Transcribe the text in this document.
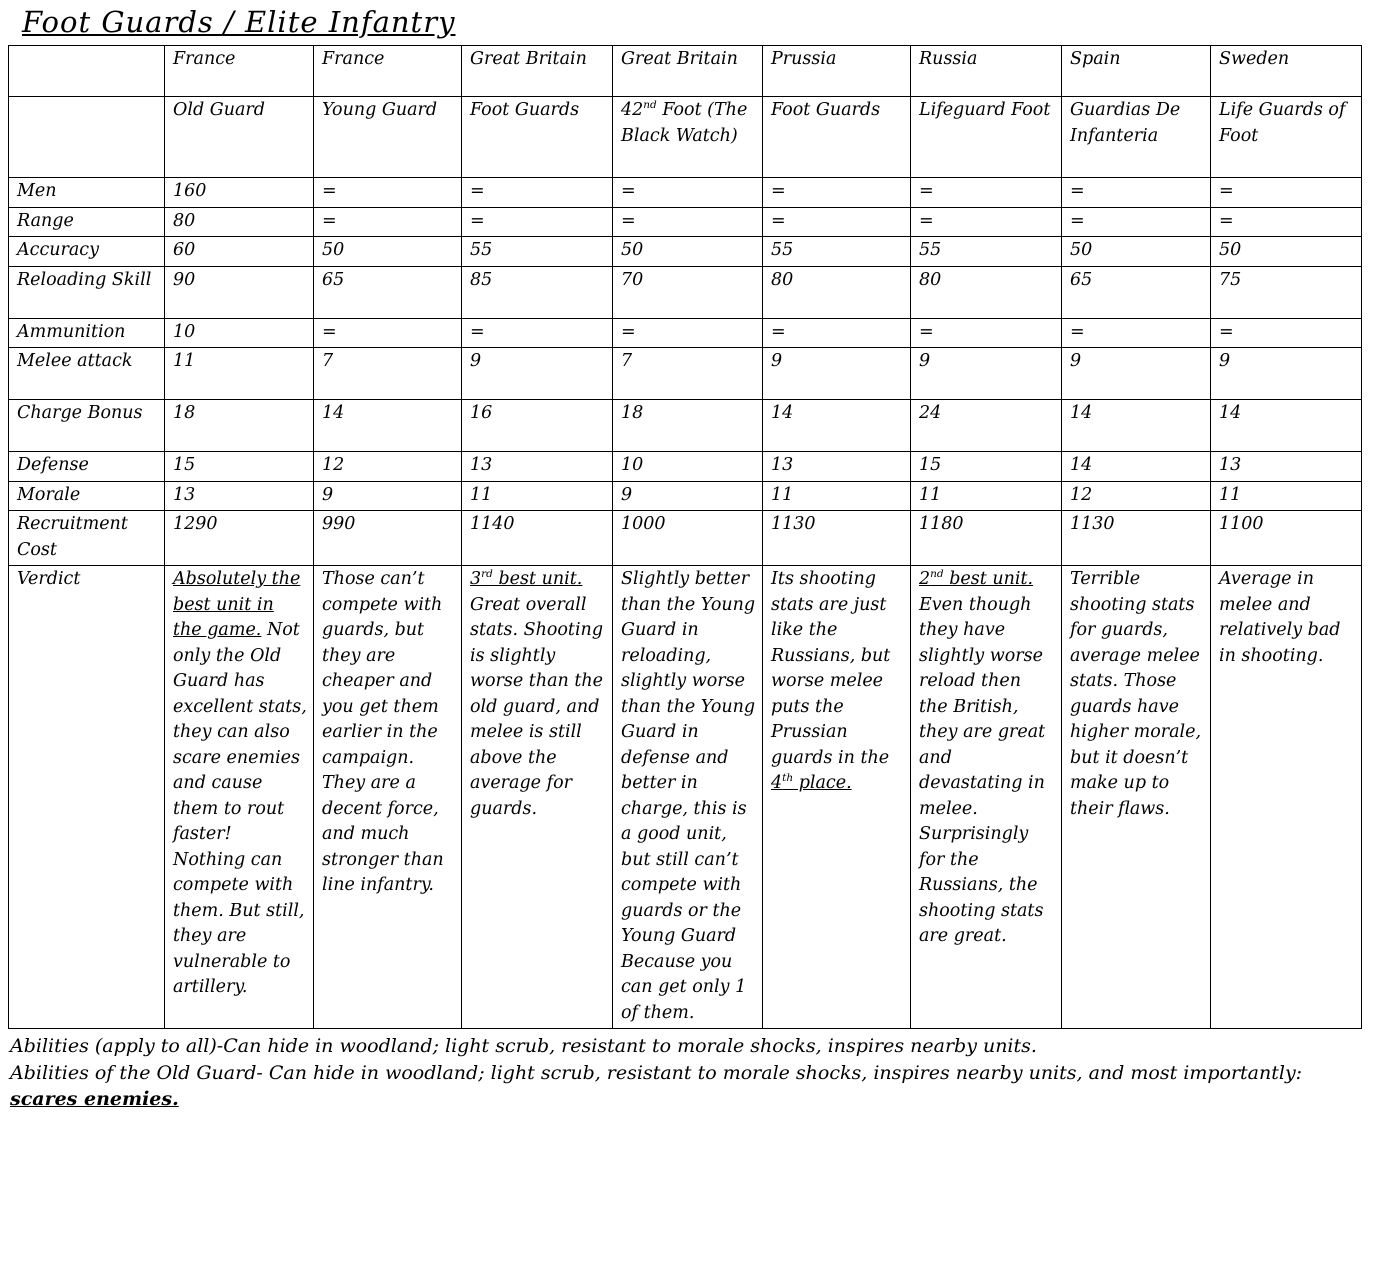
Foot Guards / Elite Infantry
	France	France	Great Britain	Great Britain	Prussia	Russia	Spain	Sweden
	Old Guard	Young Guard	Foot Guards	42nd Foot (The Black Watch)	Foot Guards	Lifeguard Foot	Guardias De Infanteria	Life Guards of Foot
Men	160	=	=	=	=	=	=	=
Range	80	=	=	=	=	=	=	=
Accuracy	60	50	55	50	55	55	50	50
Reloading Skill	90	65	85	70	80	80	65	75
Ammunition	10	=	=	=	=	=	=	=
Melee attack	11	7	9	7	9	9	9	9
Charge Bonus	18	14	16	18	14	24	14	14
Defense	15	12	13	10	13	15	14	13
Morale	13	9	11	9	11	11	12	11
Recruitment Cost	1290	990	1140	1000	1130	1180	1130	1100
Verdict	Absolutely the best unit in the game. Not only the Old Guard has excellent stats, they can also scare enemies and cause them to rout faster! Nothing can compete with them. But still, they are vulnerable to artillery.	Those can’t compete with guards, but they are cheaper and you get them earlier in the campaign. They are a decent force, and much stronger than line infantry.	3rd best unit. Great overall stats. Shooting is slightly worse than the old guard, and melee is still above the average for guards.	Slightly better than the Young Guard in reloading, slightly worse than the Young Guard in defense and better in charge, this is a good unit, but still can’t compete with guards or the Young Guard Because you can get only 1 of them.	Its shooting stats are just like the Russians, but worse melee puts the Prussian guards in the 4th place.	2nd best unit. Even though they have slightly worse reload then the British, they are great and devastating in melee. Surprisingly for the Russians, the shooting stats are great.	Terrible shooting stats for guards, average melee stats. Those guards have higher morale, but it doesn’t make up to their flaws.	Average in melee and relatively bad in shooting.
Abilities (apply to all)-Can hide in woodland; light scrub, resistant to morale shocks, inspires nearby units.
Abilities of the Old Guard- Can hide in woodland; light scrub, resistant to morale shocks, inspires nearby units, and most importantly:
scares enemies.
